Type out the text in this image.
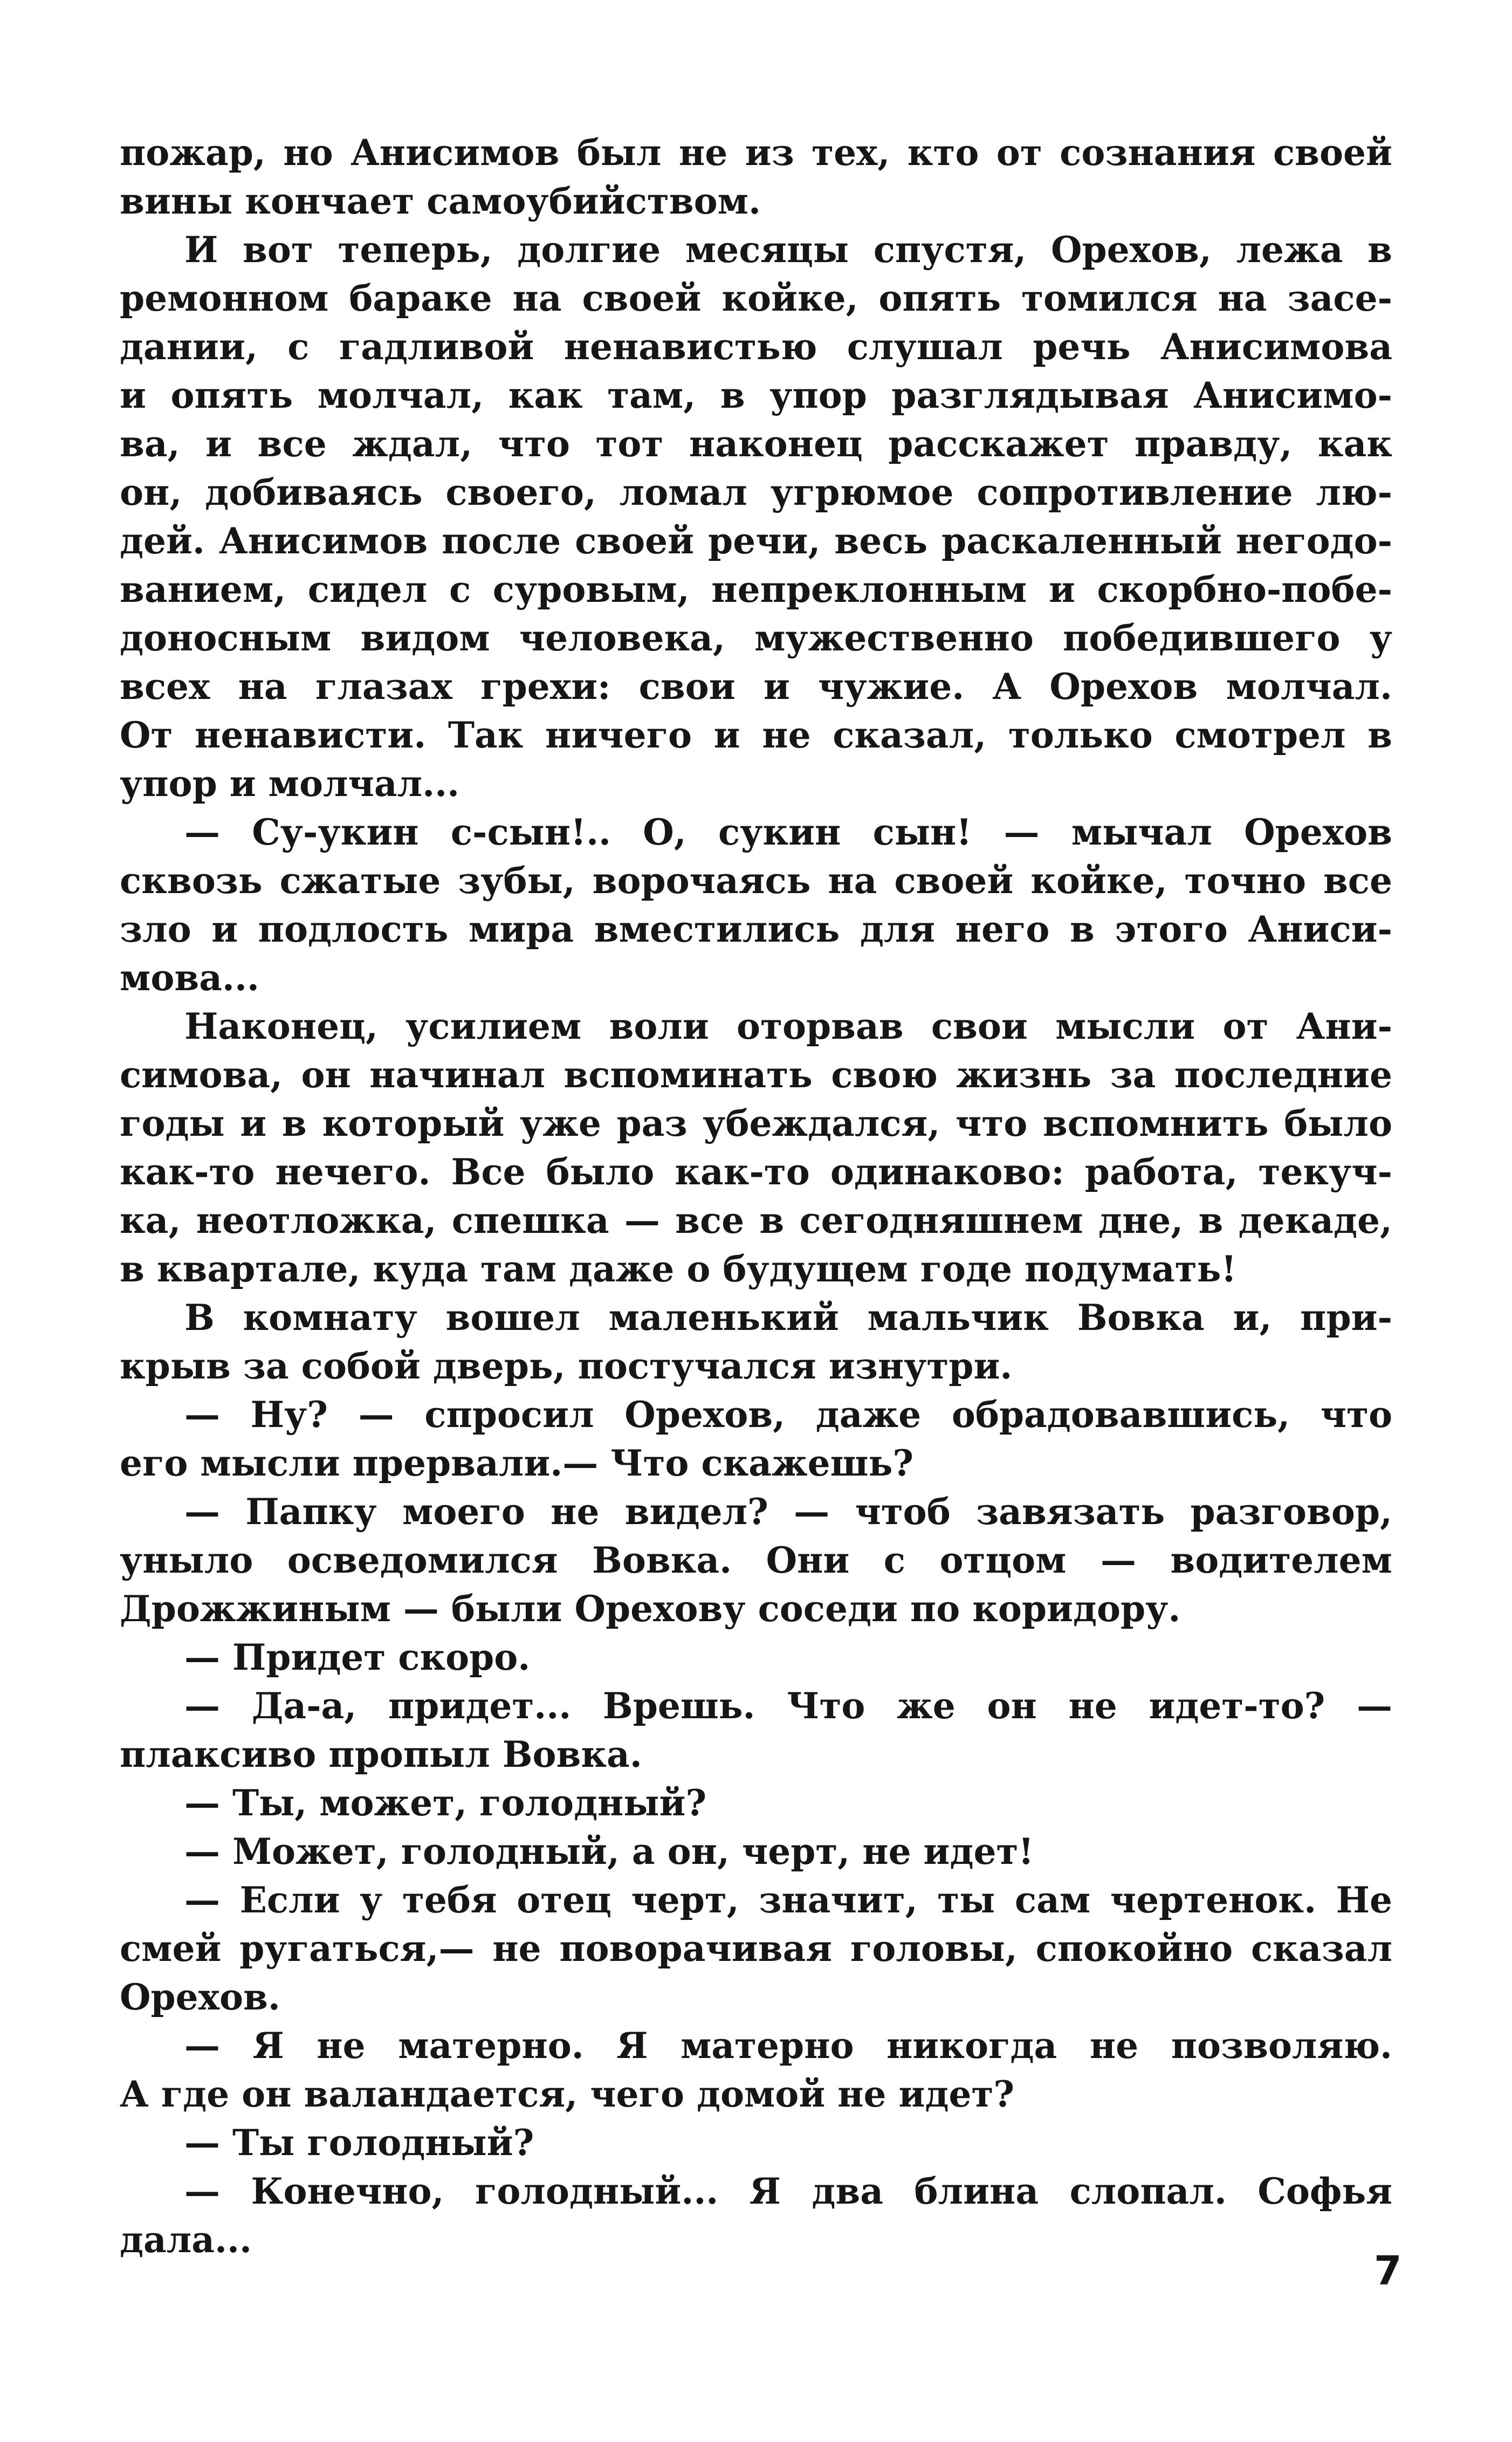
пожар, но Анисимов был не из тех, кто от сознания своей
вины кончает самоубийством.
И вот теперь, долгие месяцы спустя, Орехов, лежа в
ремонном бараке на своей койке, опять томился на засе-
дании, с гадливой ненавистью слушал речь Анисимова
и опять молчал, как там, в упор разглядывая Анисимо-
ва, и все ждал, что тот наконец расскажет правду, как
он, добиваясь своего, ломал угрюмое сопротивление лю-
дей. Анисимов после своей речи, весь раскаленный негодо-
ванием, сидел с суровым, непреклонным и скорбно-побе-
доносным видом человека, мужественно победившего у
всех на глазах грехи: свои и чужие. А Орехов молчал.
От ненависти. Так ничего и не сказал, только смотрел в
упор и молчал...
— Су-укин с-сын!.. О, сукин сын! — мычал Орехов
сквозь сжатые зубы, ворочаясь на своей койке, точно все
зло и подлость мира вместились для него в этого Аниси-
мова...
Наконец, усилием воли оторвав свои мысли от Ани-
симова, он начинал вспоминать свою жизнь за последние
годы и в который уже раз убеждался, что вспомнить было
как-то нечего. Все было как-то одинаково: работа, текуч-
ка, неотложка, спешка — все в сегодняшнем дне, в декаде,
в квартале, куда там даже о будущем годе подумать!
В комнату вошел маленький мальчик Вовка и, при-
крыв за собой дверь, постучался изнутри.
— Ну? — спросил Орехов, даже обрадовавшись, что
его мысли прервали.— Что скажешь?
— Папку моего не видел? — чтоб завязать разговор,
уныло осведомился Вовка. Они с отцом — водителем
Дрожжиным — были Орехову соседи по коридору.
— Придет скоро.
— Да-а, придет... Врешь. Что же он не идет-то? —
плаксиво пропыл Вовка.
— Ты, может, голодный?
— Может, голодный, а он, черт, не идет!
— Если у тебя отец черт, значит, ты сам чертенок. Не
смей ругаться,— не поворачивая головы, спокойно сказал
Орехов.
— Я не матерно. Я матерно никогда не позволяю.
А где он валандается, чего домой не идет?
— Ты голодный?
— Конечно, голодный... Я два блина слопал. Софья
дала...
7
